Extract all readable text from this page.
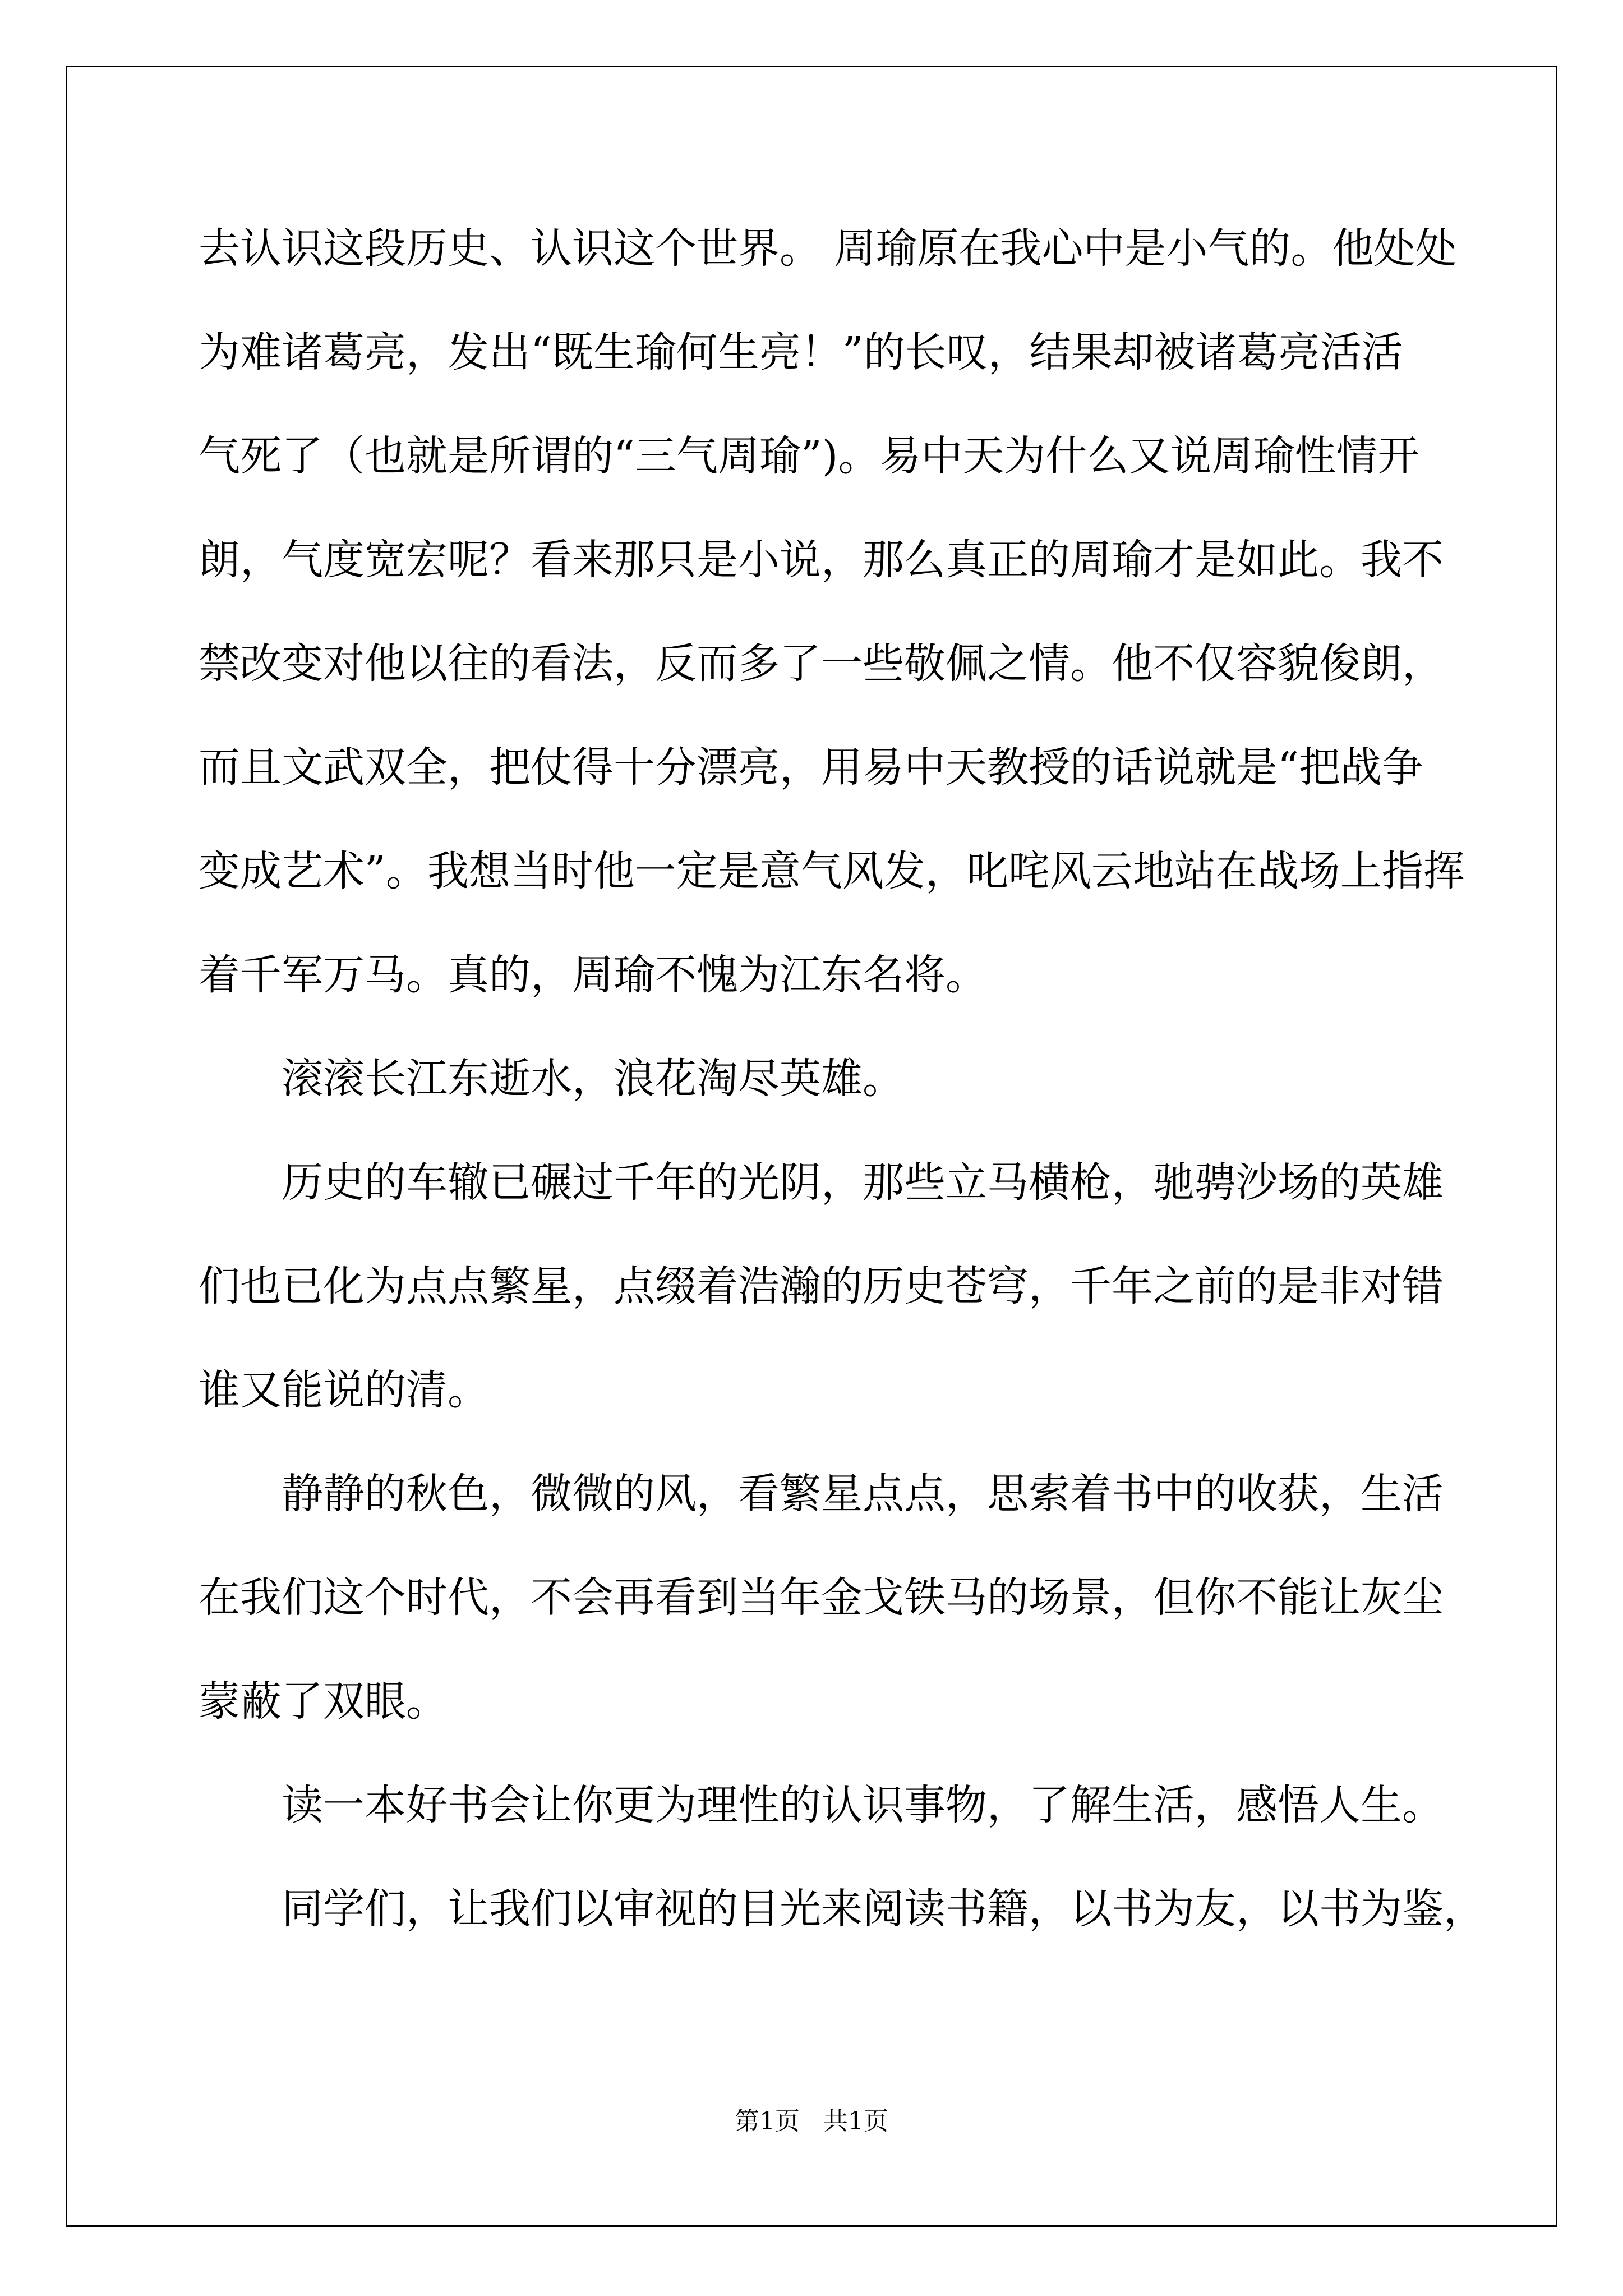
去认识这段历史、认识这个世界。 周瑜原在我心中是小气的。他处处
为难诸葛亮，发出“既生瑜何生亮！”的长叹，结果却被诸葛亮活活
气死了（也就是所谓的“三气周瑜”)。易中天为什么又说周瑜性情开
朗，气度宽宏呢？看来那只是小说，那么真正的周瑜才是如此。我不
禁改变对他以往的看法，反而多了一些敬佩之情。他不仅容貌俊朗，
而且文武双全，把仗得十分漂亮，用易中天教授的话说就是“把战争
变成艺术”。我想当时他一定是意气风发，叱咤风云地站在战场上指挥
着千军万马。真的，周瑜不愧为江东名将。
滚滚长江东逝水，浪花淘尽英雄。
历史的车辙已碾过千年的光阴，那些立马横枪，驰骋沙场的英雄
们也已化为点点繁星，点缀着浩瀚的历史苍穹，千年之前的是非对错
谁又能说的清。
静静的秋色，微微的风，看繁星点点，思索着书中的收获，生活
在我们这个时代，不会再看到当年金戈铁马的场景，但你不能让灰尘
蒙蔽了双眼。
读一本好书会让你更为理性的认识事物，了解生活，感悟人生。
同学们，让我们以审视的目光来阅读书籍，以书为友，以书为鉴，
第1页   共1页
